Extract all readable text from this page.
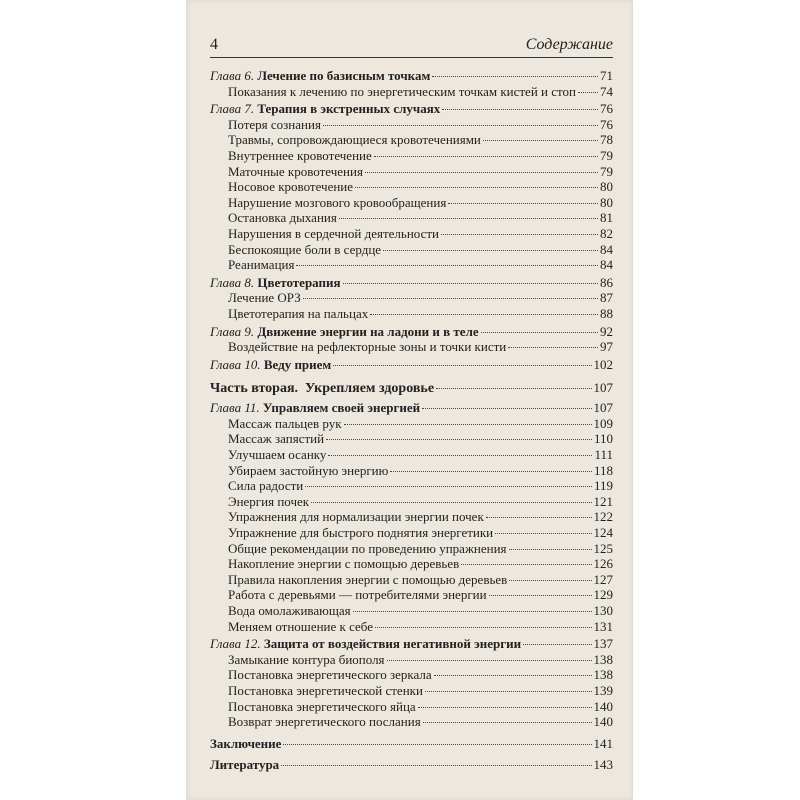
4	Содержание
Глава 6. Лечение по базисным точкам	71
Показания к лечению по энергетическим точкам кистей и стоп 74
Глава 7. Терапия в экстренных случаях	76
Потеря сознания	76
Травмы, сопровождающиеся кровотечениями	78
Внутреннее кровотечение	79
Маточные кровотечения	79
Носовое кровотечение	80
Нарушение мозгового кровообращения	80
Остановка дыхания	81
Нарушения в сердечной деятельности	82
Беспокоящие боли в сердце	84
Реанимация	84
Глава 8. Цветотерапия	86
Лечение ОРЗ	87
Цветотерапия на пальцах	88
Глава 9. Движение энергии на ладони и в теле	92
Воздействие на рефлекторные зоны и точки кисти	97
Глава 10. Веду прием	102
Часть вторая.  Укрепляем здоровье	107
Глава 11. Управляем своей энергией	107
Массаж пальцев рук	109
Массаж запястий	110
Улучшаем осанку	111
Убираем застойную энергию	118
Сила радости	119
Энергия почек	121
Упражнения для нормализации энергии почек	122
Упражнение для быстрого поднятия энергетики	124
Общие рекомендации по проведению упражнения	125
Накопление энергии с помощью деревьев	126
Правила накопления энергии с помощью деревьев	127
Работа с деревьями — потребителями энергии	129
Вода омолаживающая	130
Меняем отношение к себе	131
Глава 12. Защита от воздействия негативной энергии	137
Замыкание контура биополя	138
Постановка энергетического зеркала	138
Постановка энергетической стенки	139
Постановка энергетического яйца	140
Возврат энергетического послания	140
Заключение	141
Литература	143
